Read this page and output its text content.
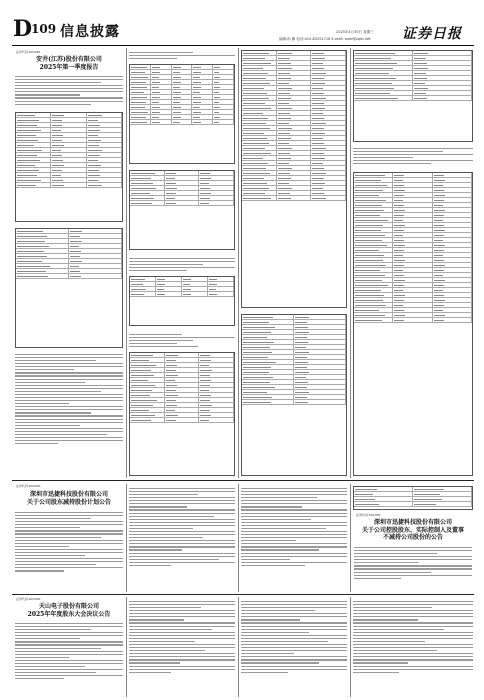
D
109 信息披露	2025年4月30日 星期三
编辑:孙 鹏 电话:010-83251716 E-mail: zqrb@zqrb.net 证券日报
证券代码:603345
安井(江苏)股份有限公司
2025年第一季度报告
证券代码:600000
深圳市迅捷科技股份有限公司
关于公司股东减持股份计划公告
证券代码:601000
深圳市迅捷科技股份有限公司
关于公司控股股东、实际控制人及董事
不减持公司股份的公告
证券代码:603300
天山电子股份有限公司
2025年年度股东大会决议公告
